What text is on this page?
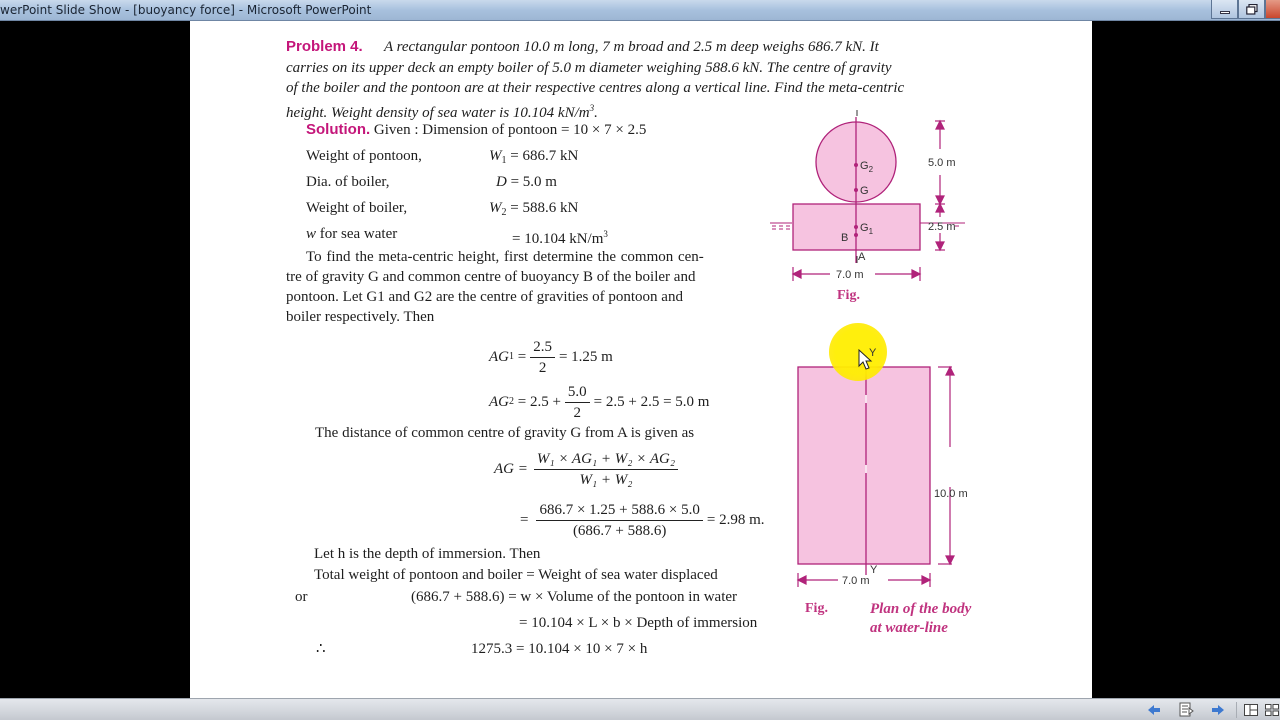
werPoint Slide Show - [buoyancy force] - Microsoft PowerPoint
Problem 4. A rectangular pontoon 10.0 m long, 7 m broad and 2.5 m deep weighs 686.7 kN. It
carries on its upper deck an empty boiler of 5.0 m diameter weighing 588.6 kN. The centre of gravity
of the boiler and the pontoon are at their respective centres along a vertical line. Find the meta-centric
height. Weight density of sea water is 10.104 $kN/m^3$.
Solution. Given : Dimension of pontoon = 10 × 7 × 2.5
Weight of pontoon,	$W_1 = 686.7$ kN
Dia. of boiler,	D = 5.0 m
Weight of boiler,	$W_2 = 588.6$ kN
w for sea water	= 10.104 $kN/m^3$
To find the meta-centric height, first determine the common cen-
tre of gravity G and common centre of buoyancy B of the boiler and
pontoon. Let G1 and G2 are the centre of gravities of pontoon and
boiler respectively. Then
AG $1 = \frac{2.5}{2} = 1.25$ m
AG 2
= $2.5 + \frac{5.0}{2} = 2.5 + 2.5 = 5.0$ m
The distance of common centre of gravity G from A is given as
AG = $\frac{\text{W₁ × AG₁ + W₂ × AG₂}}{\text{W₁ + W₂}}$
= $\frac{686.7 \times 1.25 + 588.6 \times 5.0}{(686.7 + 588.6)} = 2.98$ m.
Let h is the depth of immersion. Then
Total weight of pontoon and boiler = Weight of sea water displaced
or	(686.7 + 588.6) = w × Volume of the pontoon in water
= 10.104 × L × b × Depth of immersion
∴	1275.3 = 10.104 × 10 × 7 × h
$G_2$
G
$G_1$
B
A
5.0 m
2.5 m
7.0 m
Fig.
Y
10.0 m
7.0 m
Fig.	Plan of the body
at water-line
Y
